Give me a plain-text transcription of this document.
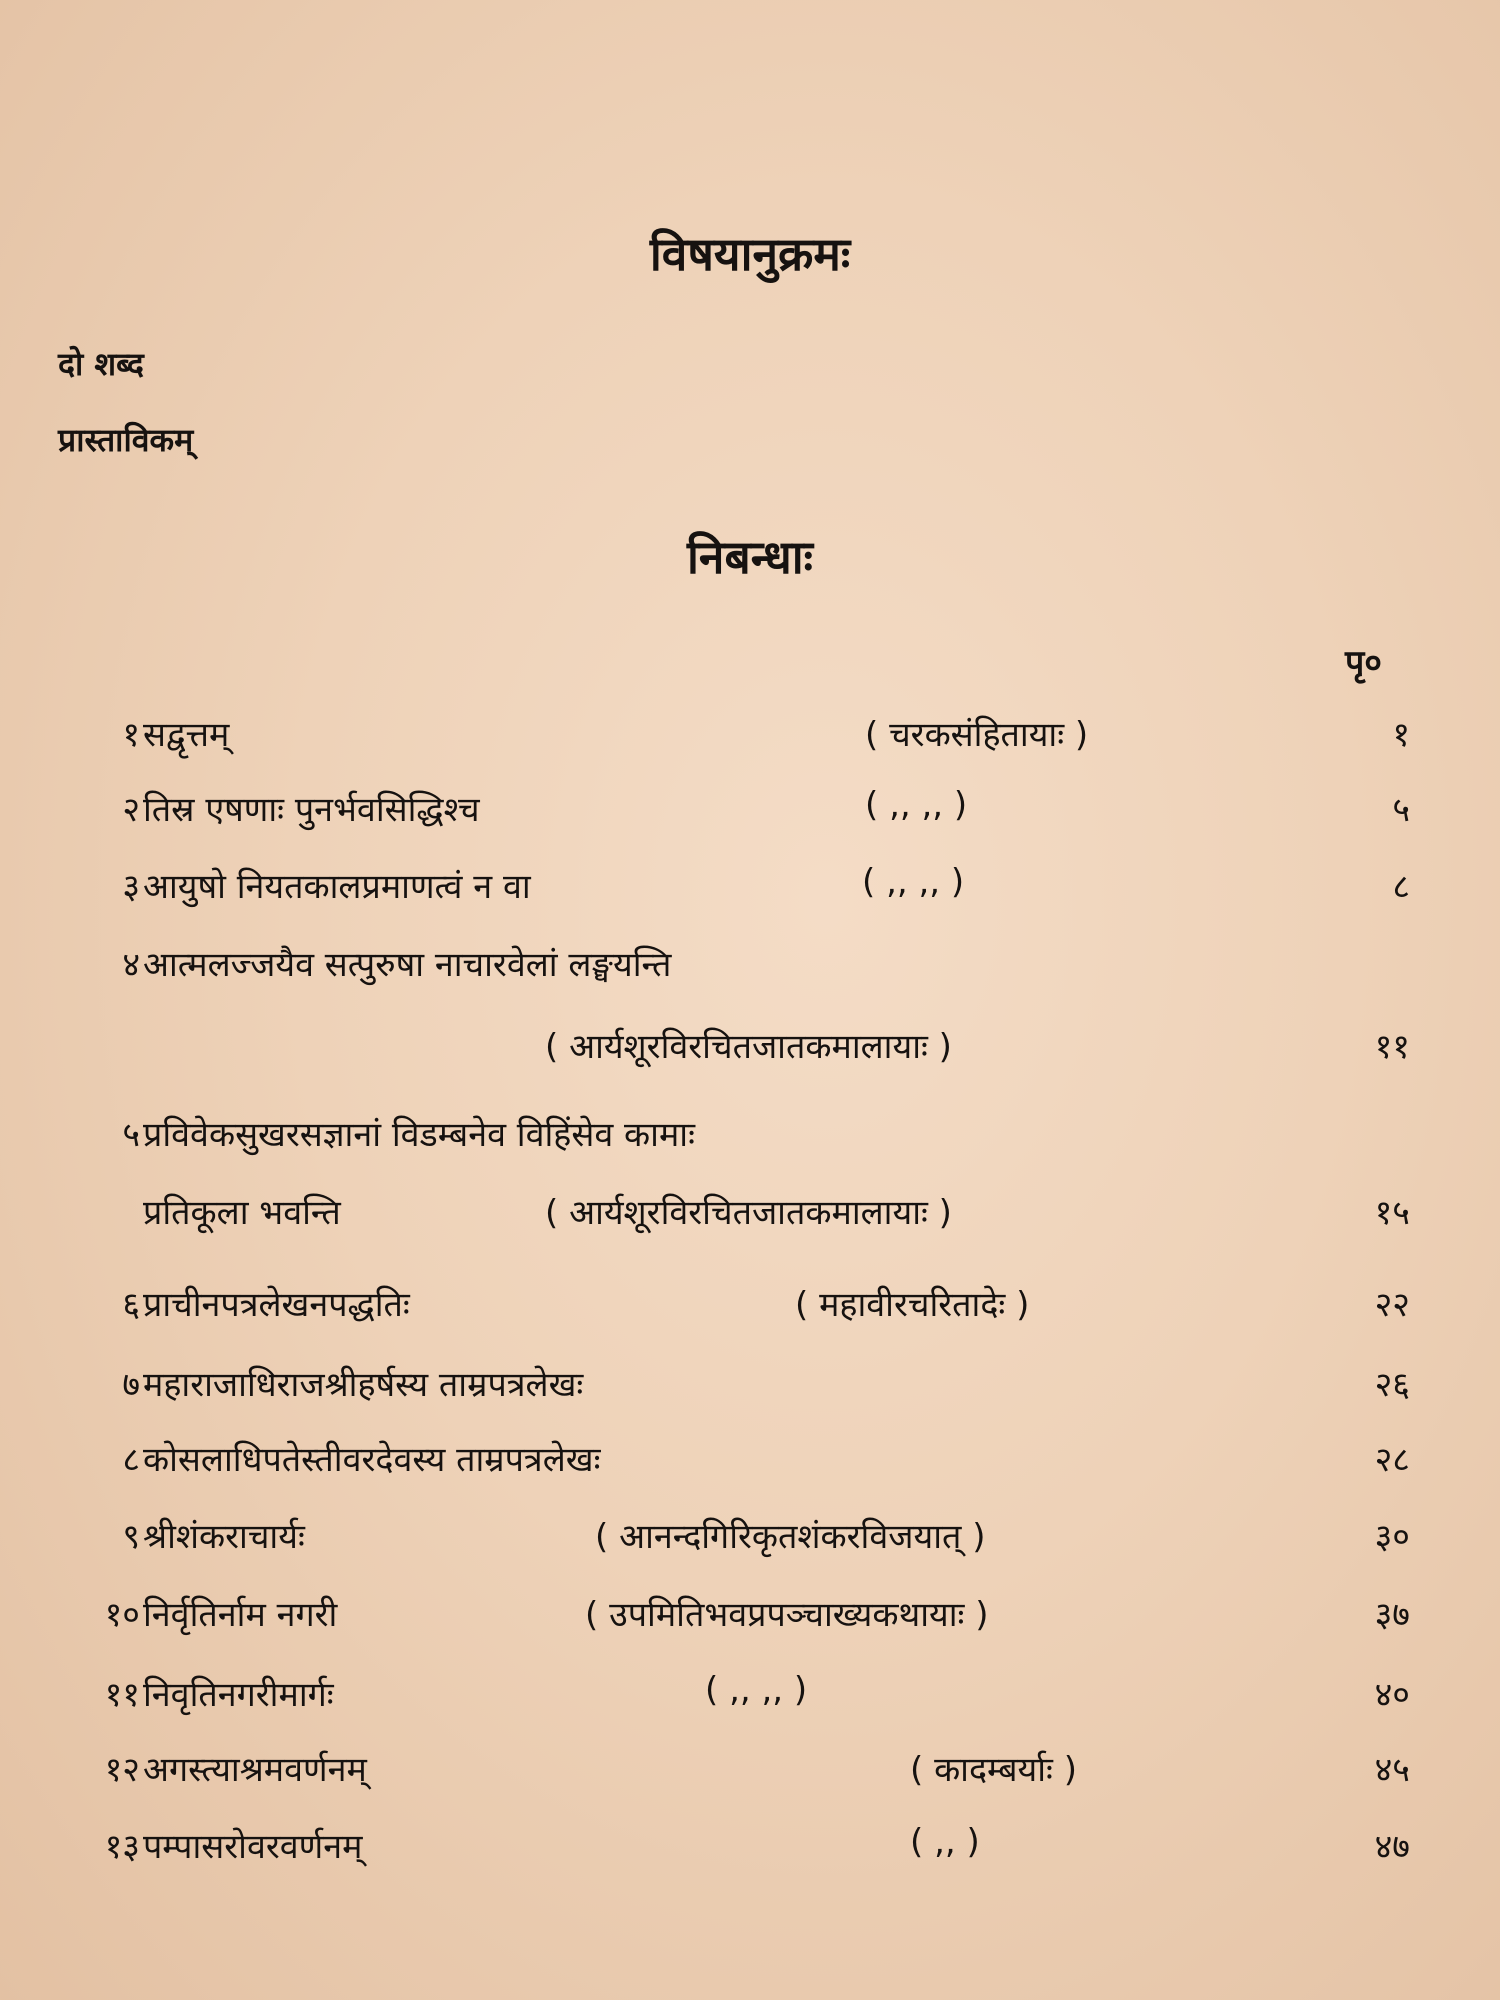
विषयानुक्रमः
दो शब्द
प्रास्ताविकम्
निबन्धाः
पृ०
१ सद्वृत्तम्	( चरकसंहितायाः )	१
२ तिस्र एषणाः पुनर्भवसिद्धिश्च	( ,, ,, )	५
३ आयुषो नियतकालप्रमाणत्वं न वा	( ,, ,, )	८
४ आत्मलज्जयैव सत्पुरुषा नाचारवेलां लङ्घयन्ति
( आर्यशूरविरचितजातकमालायाः )	११
५ प्रविवेकसुखरसज्ञानां विडम्बनेव विहिंसेव कामाः
प्रतिकूला भवन्ति	( आर्यशूरविरचितजातकमालायाः )	१५
६ प्राचीनपत्रलेखनपद्धतिः	( महावीरचरितादेः )	२२
७ महाराजाधिराजश्रीहर्षस्य ताम्रपत्रलेखः	२६
८ कोसलाधिपतेस्तीवरदेवस्य ताम्रपत्रलेखः	२८
९ श्रीशंकराचार्यः	( आनन्दगिरिकृतशंकरविजयात् )	३०
१० निर्वृतिर्नाम नगरी	( उपमितिभवप्रपञ्चाख्यकथायाः )	३७
११ निवृतिनगरीमार्गः	( ,, ,, )	४०
१२ अगस्त्याश्रमवर्णनम्	( कादम्बर्याः )	४५
१३ पम्पासरोवरवर्णनम्	( ,, )	४७
